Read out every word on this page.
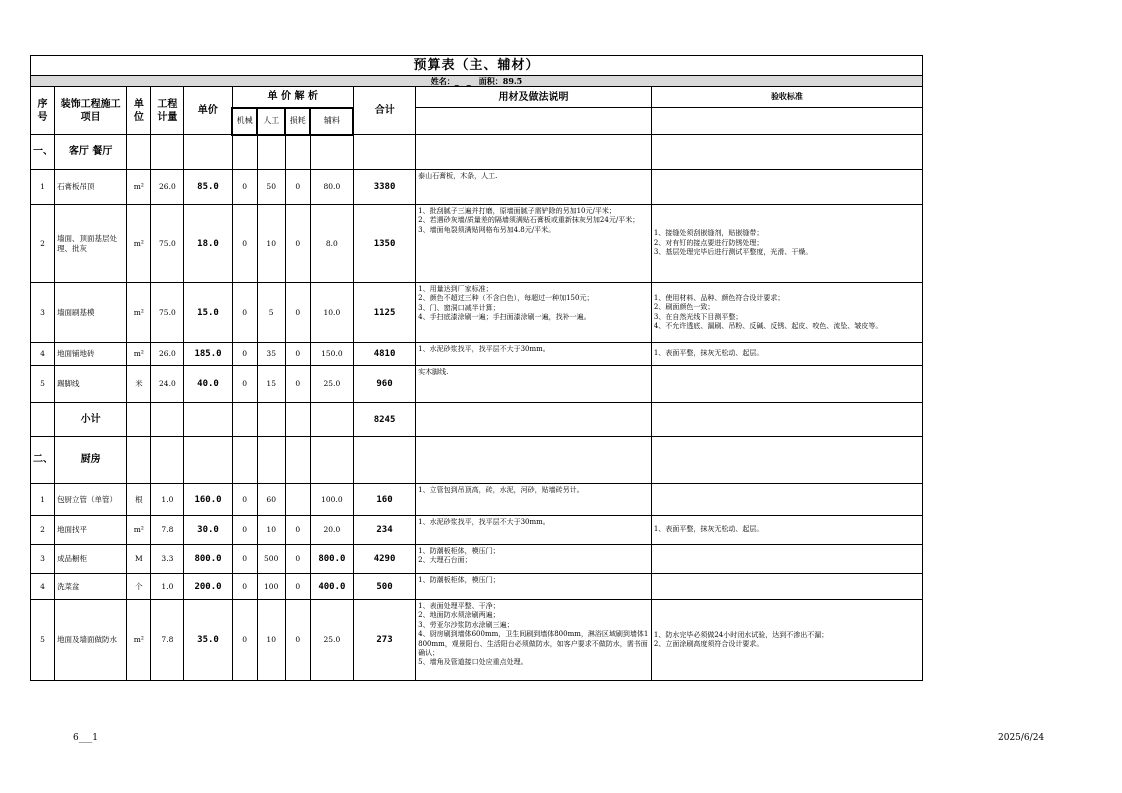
预算表（主、辅材）											
姓名：_　_　面积：89.5											
序 号	装饰工程施工项目	单位	工程计量	单价	单 价 解 析				合计	用材及做法说明	验收标准
					机械	人工	损耗	辅料			
一、	客厅 餐厅										
1	石膏板吊顶	m²	26.0	85.0	0	50	0	80.0	3380	泰山石膏板，木条，人工.	
2	墙面、顶面基层处理、批灰	m²	75.0	18.0	0	10	0	8.0	1350	1、批刮腻子三遍并打磨，原墙面腻子需铲除的另加10元/平米；
2、若遇砂灰墙/质量差的隔墙须满贴石膏板或重新抹灰另加24元/平米；
3、墙面龟裂须满贴网格布另加4.8元/平米。	1、接缝处须刮嵌缝剂，贴嵌缝带；
2、对有钉的接点要进行防锈处理；
3、基层处理完毕后进行测试平整度，光滑、干燥。
3	墙面刷基模	m²	75.0	15.0	0	5	0	10.0	1125	1、用量达到厂家标准；
2、颜色不超过三种（不含白色），每超过一种加150元；
3、门、窗洞口减半计算；
4、手扫底漆涂刷一遍；手扫面漆涂刷一遍，找补一遍。	1、使用材料、品种、颜色符合设计要求；
2、刷面颜色一致；
3、在自然光线下目测平整；
4、不允许透底、漏刷、吊粉、反碱、反锈、起皮、咬色、流坠、皱皮等。
4	地面铺地砖	m²	26.0	185.0	0	35	0	150.0	4810	1、水泥砂浆找平，找平层不大于30mm。	1、表面平整，抹灰无松动、起层。
5	踢脚线	米	24.0	40.0	0	15	0	25.0	960	实木脚线.	
	小计								8245		
二、	厨房										
1	包厨立管（单管）	根	1.0	160.0	0	60		100.0	160	1、立管包到吊顶高，砖，水泥，河砂，贴墙砖另计。	
2	地面找平	m²	7.8	30.0	0	10	0	20.0	234	1、水泥砂浆找平，找平层不大于30mm。	1、表面平整，抹灰无松动、起层。
3	成品橱柜	M	3.3	800.0	0	500	0	800.0	4290	1、防潮板柜体，模压门；
2、大理石台面；	
4	洗菜盆	个	1.0	200.0	0	100	0	400.0	500	1、防潮板柜体，模压门；	
5	地面及墙面做防水	m²	7.8	35.0	0	10	0	25.0	273	1、表面处理平整、干净；
2、地面防水须涂刷两遍；
3、劳亚尔沙浆防水涂刷三遍；
4、厨房刷到墙体600mm，卫生间刷到墙体800mm，淋浴区域刷到墙体1800mm，观景阳台、生活阳台必须做防水，如客户要求不做防水，需书面确认；
5、墙角及管道接口处应重点处理。	1、防水完毕必须做24小时闭水试验，达到不渗出不漏；
2、立面涂刷高度须符合设计要求。
6___1	2025/6/24
